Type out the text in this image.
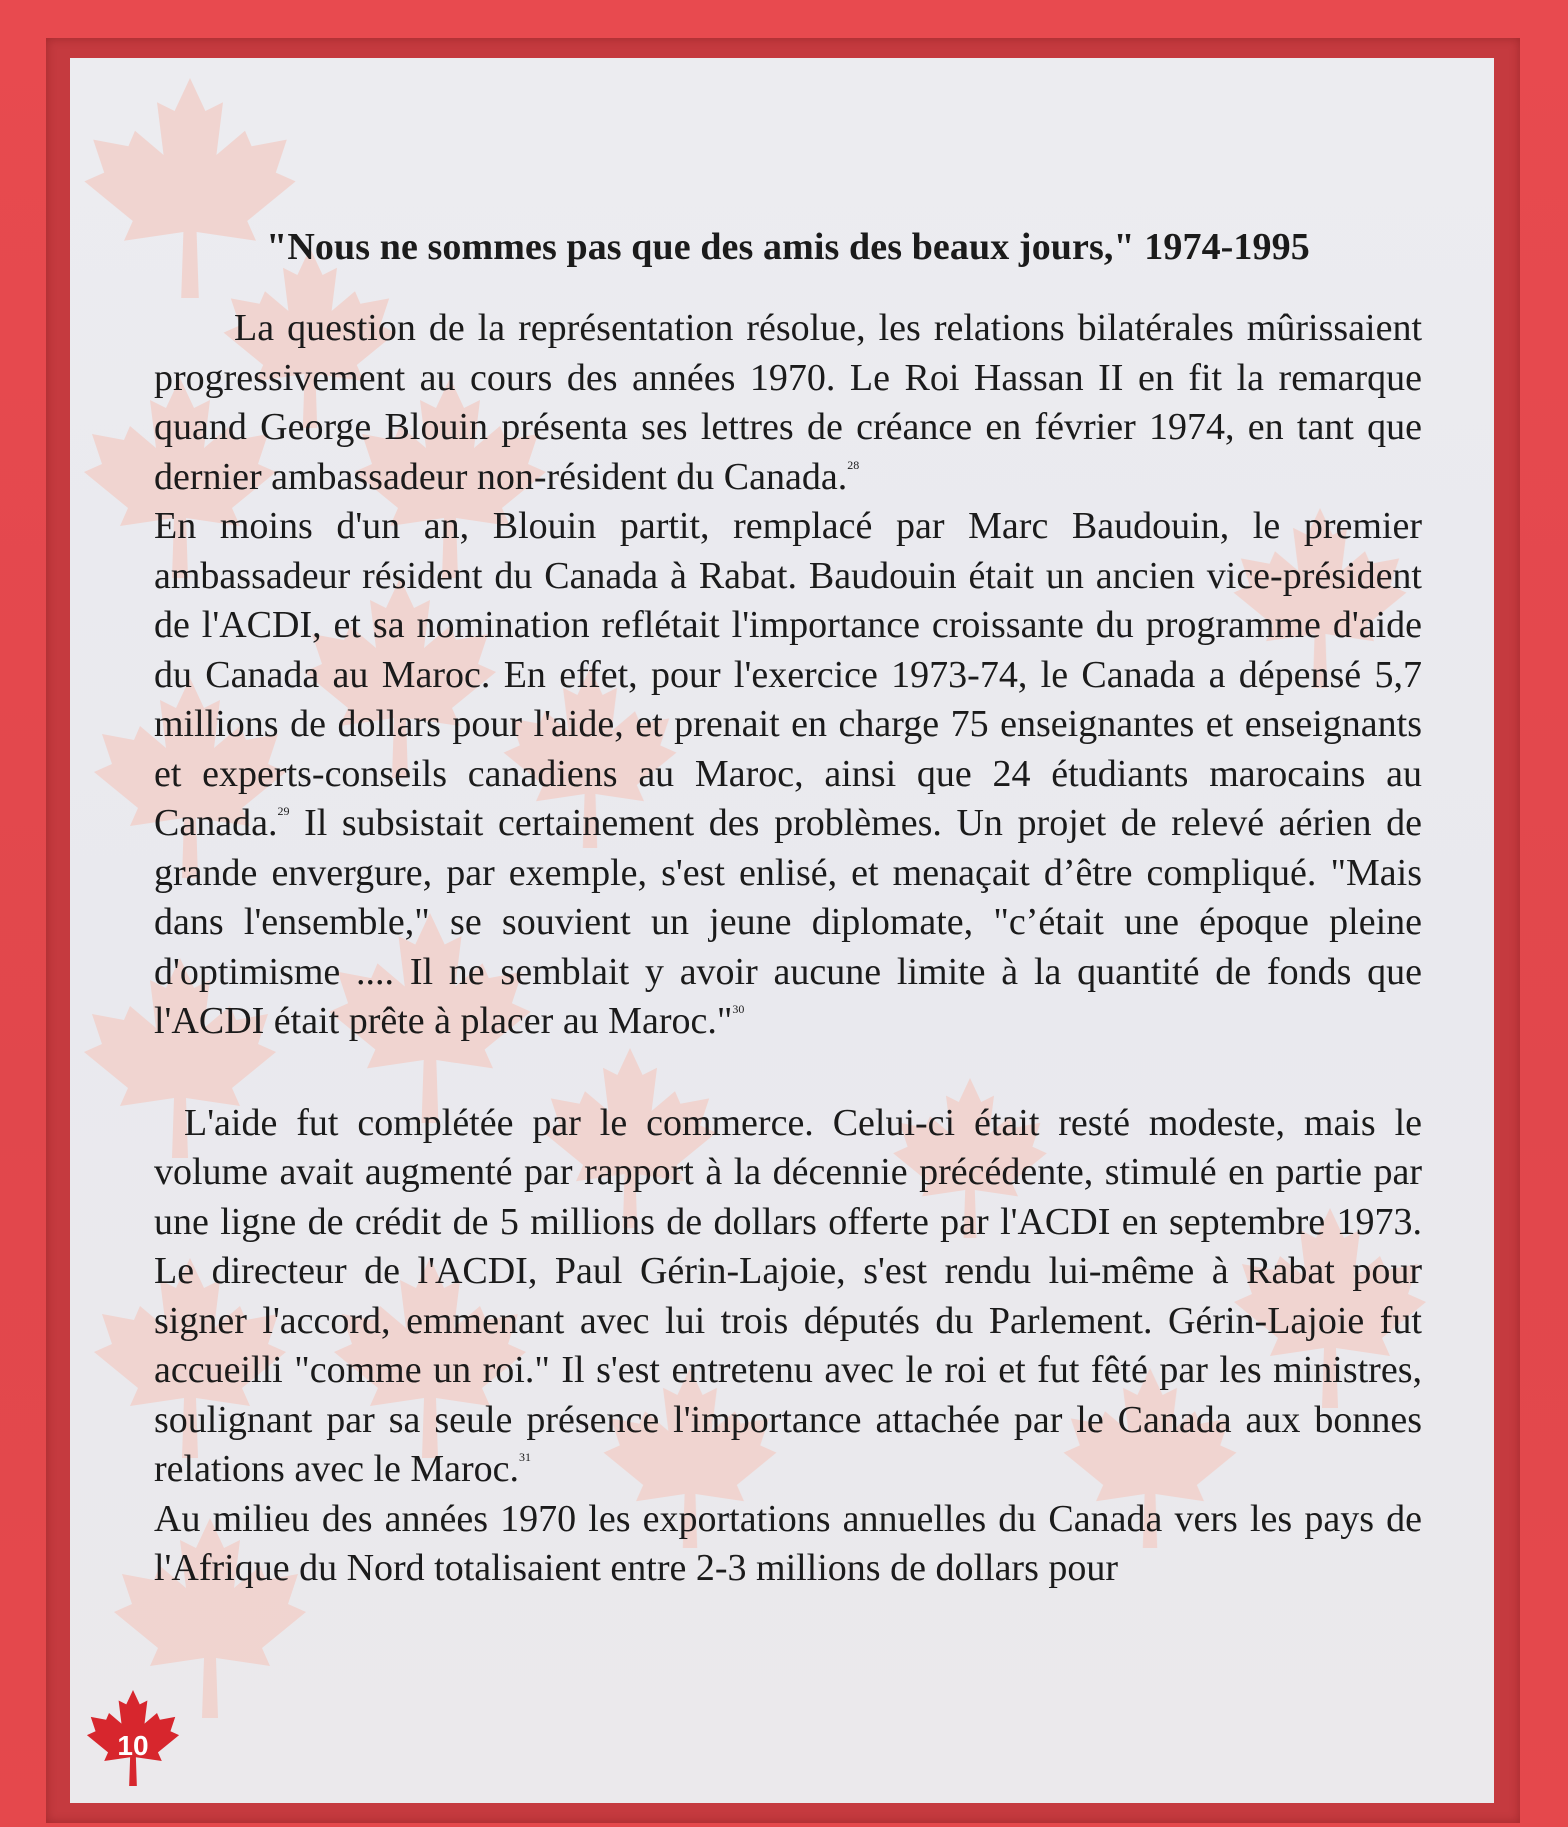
"Nous ne sommes pas que des amis des beaux jours," 1974-1995

La question de la représentation résolue, les relations bilatérales mûrissaient progressivement au cours des années 1970. Le Roi Hassan II en fit la remarque quand George Blouin présenta ses lettres de créance en février 1974, en tant que dernier ambassadeur non-résident du Canada.$^{28}$

En moins d'un an, Blouin partit, remplacé par Marc Baudouin, le premier ambassadeur résident du Canada à Rabat. Baudouin était un ancien vice-président de l'ACDI, et sa nomination reflétait l'importance croissante du programme d'aide du Canada au Maroc. En effet, pour l'exercice 1973-74, le Canada a dépensé 5,7 millions de dollars pour l'aide, et prenait en charge 75 enseignantes et enseignants et experts-conseils canadiens au Maroc, ainsi que 24 étudiants marocains au Canada.$^{29}$ Il subsistait certainement des problèmes. Un projet de relevé aérien de grande envergure, par exemple, s'est enlisé, et menaçait d’être compliqué. "Mais dans l'ensemble," se souvient un jeune diplomate, "c’était une époque pleine d'optimisme .... Il ne semblait y avoir aucune limite à la quantité de fonds que l'ACDI était prête à placer au Maroc."$^{30}$

L'aide fut complétée par le commerce. Celui-ci était resté modeste, mais le volume avait augmenté par rapport à la décennie précédente, stimulé en partie par une ligne de crédit de 5 millions de dollars offerte par l'ACDI en septembre 1973. Le directeur de l'ACDI, Paul Gérin-Lajoie, s'est rendu lui-même à Rabat pour signer l'accord, emmenant avec lui trois députés du Parlement. Gérin-Lajoie fut accueilli "comme un roi." Il s'est entretenu avec le roi et fut fêté par les ministres, soulignant par sa seule présence l'importance attachée par le Canada aux bonnes relations avec le Maroc.$^{31}$

Au milieu des années 1970 les exportations annuelles du Canada vers les pays de l'Afrique du Nord totalisaient entre 2-3 millions de dollars pour

10
